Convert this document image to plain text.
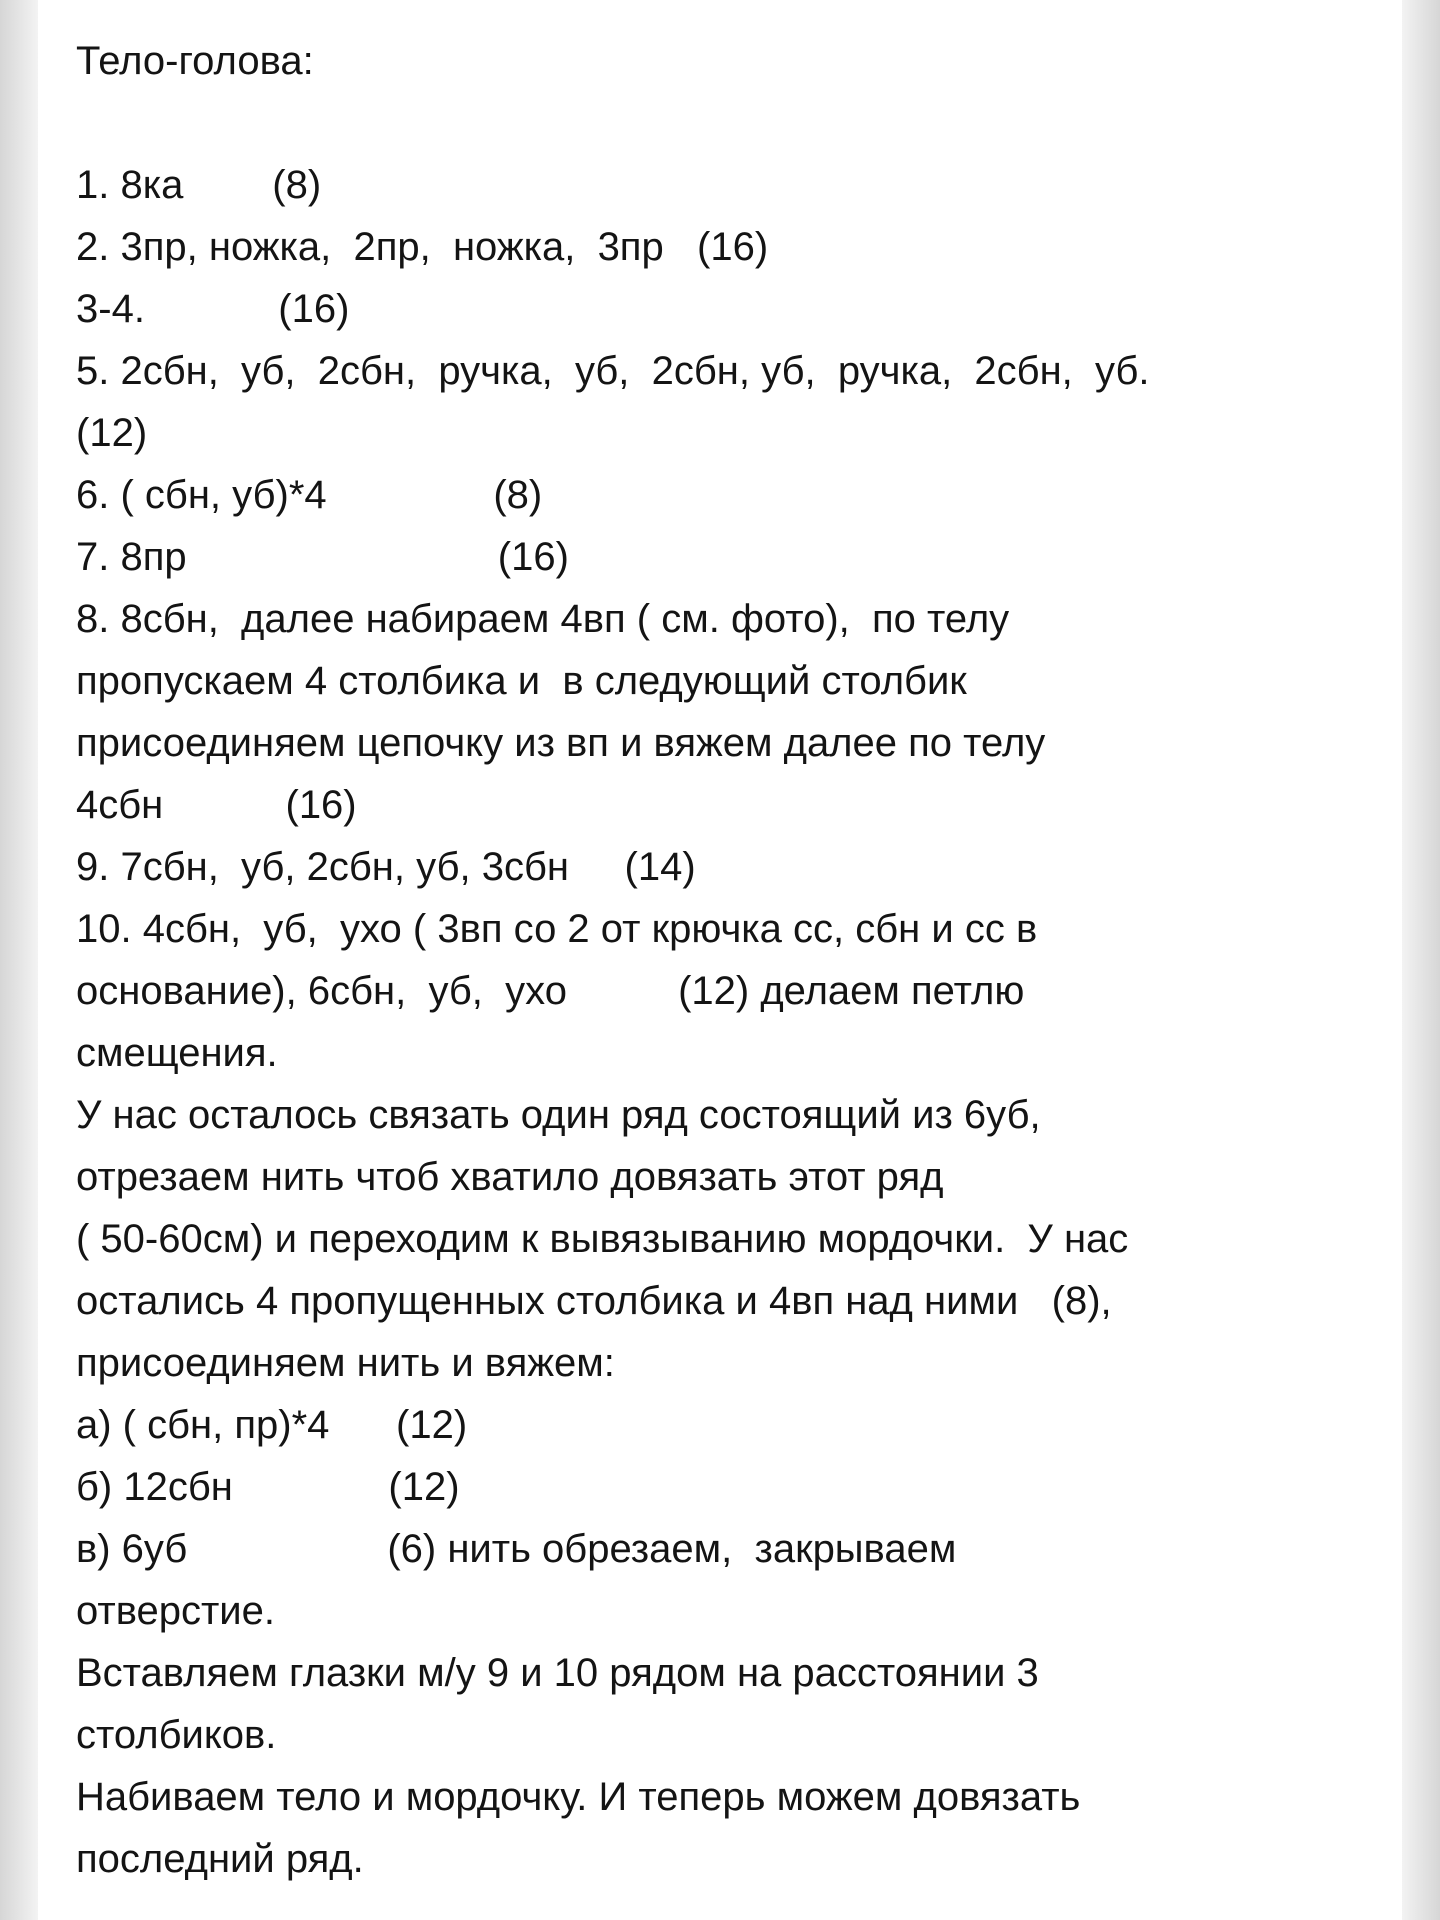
Тело-голова:
1. 8ка        (8)
2. 3пр, ножка,  2пр,  ножка,  3пр   (16)
3-4.            (16)
5. 2сбн,  уб,  2сбн,  ручка,  уб,  2сбн, уб,  ручка,  2сбн,  уб.
(12)
6. ( сбн, уб)*4               (8)
7. 8пр                            (16)
8. 8сбн,  далее набираем 4вп ( см. фото),  по телу
пропускаем 4 столбика и  в следующий столбик
присоединяем цепочку из вп и вяжем далее по телу
4сбн           (16)
9. 7сбн,  уб, 2сбн, уб, 3сбн     (14)
10. 4сбн,  уб,  ухо ( 3вп со 2 от крючка сс, сбн и сс в
основание), 6сбн,  уб,  ухо          (12) делаем петлю
смещения.
У нас осталось связать один ряд состоящий из 6уб,
отрезаем нить чтоб хватило довязать этот ряд
( 50-60см) и переходим к вывязыванию мордочки.  У нас
остались 4 пропущенных столбика и 4вп над ними   (8),
присоединяем нить и вяжем:
а) ( сбн, пр)*4      (12)
б) 12сбн              (12)
в) 6уб                  (6) нить обрезаем,  закрываем
отверстие.
Вставляем глазки м/у 9 и 10 рядом на расстоянии 3
столбиков.
Набиваем тело и мордочку. И теперь можем довязать
последний ряд.
